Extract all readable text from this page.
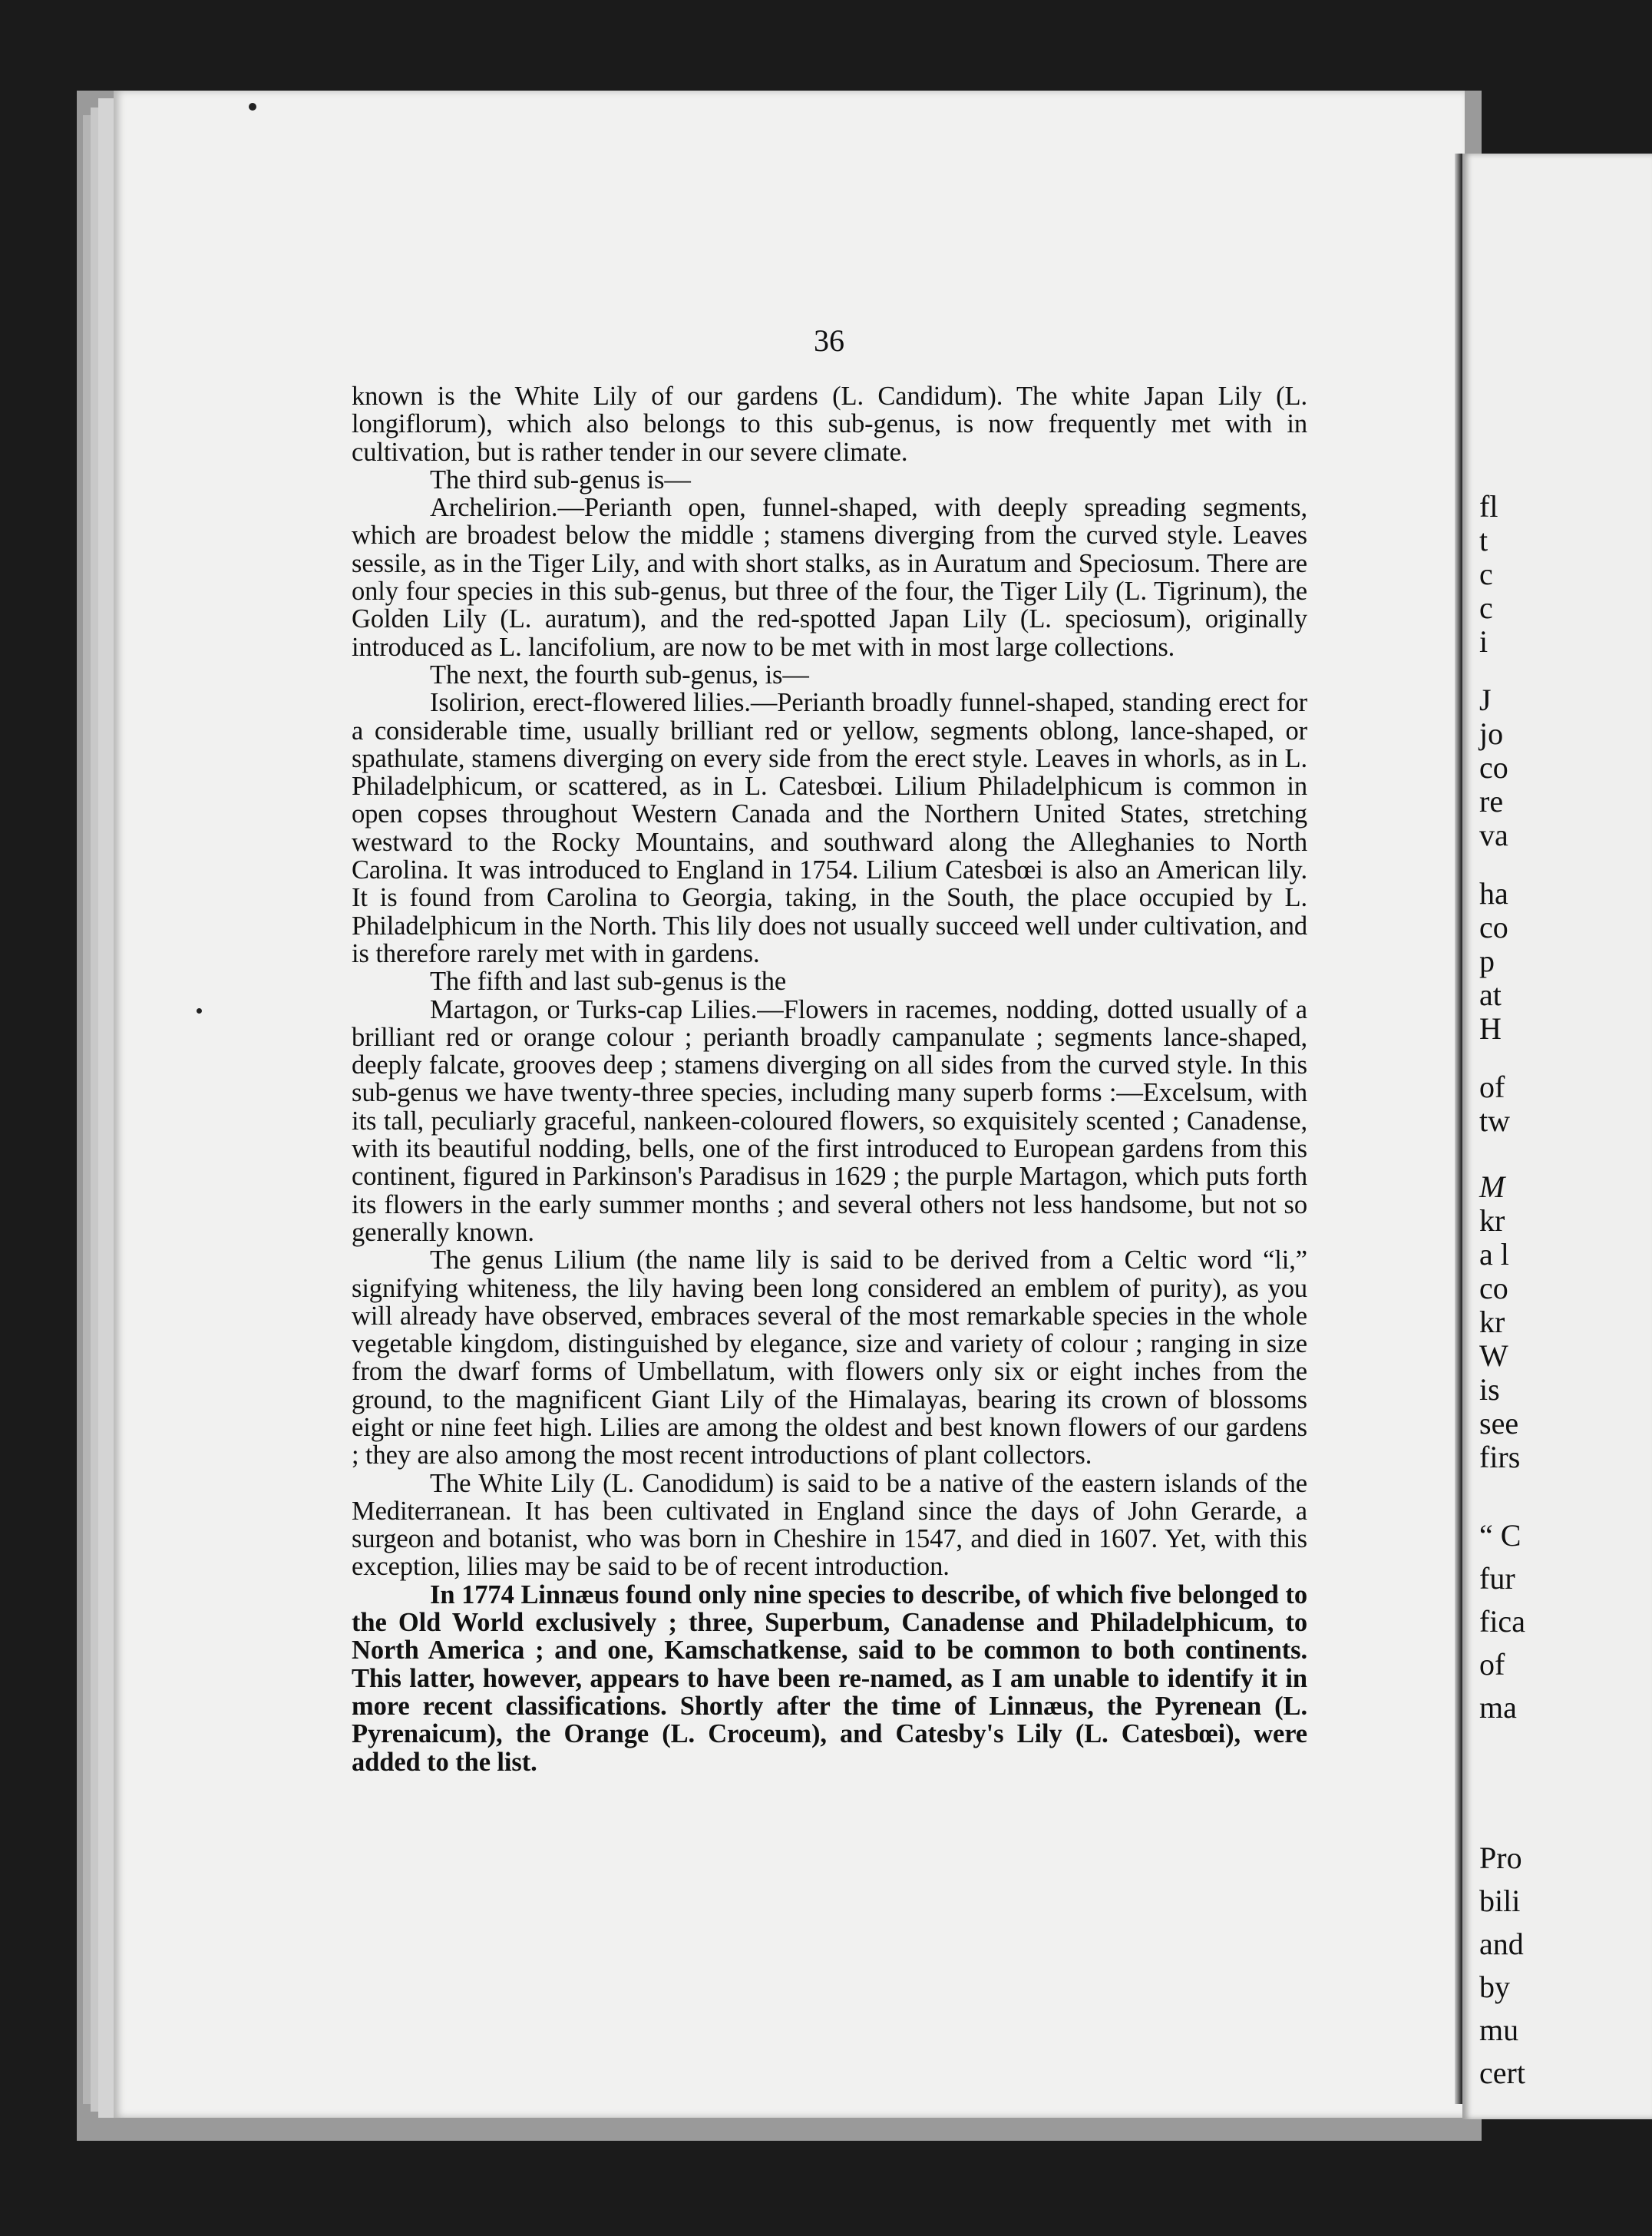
36

known is the White Lily of our gardens (L. Candidum). The white Japan Lily (L. longiflorum), which also belongs to this sub-genus, is now frequently met with in cultivation, but is rather tender in our severe climate.

The third sub-genus is—

Archelirion.—Perianth open, funnel-shaped, with deeply spreading segments, which are broadest below the middle ; stamens diverging from the curved style. Leaves sessile, as in the Tiger Lily, and with short stalks, as in Auratum and Speciosum. There are only four species in this sub-genus, but three of the four, the Tiger Lily (L. Tigrinum), the Golden Lily (L. auratum), and the red-spotted Japan Lily (L. speciosum), originally introduced as L. lancifolium, are now to be met with in most large collections.

The next, the fourth sub-genus, is—

Isolirion, erect-flowered lilies.—Perianth broadly funnel-shaped, standing erect for a considerable time, usually brilliant red or yellow, segments oblong, lance-shaped, or spathulate, stamens diverging on every side from the erect style. Leaves in whorls, as in L. Philadelphicum, or scattered, as in L. Catesbœi. Lilium Philadelphicum is common in open copses throughout Western Canada and the Northern United States, stretching westward to the Rocky Mountains, and southward along the Alleghanies to North Carolina. It was introduced to England in 1754. Lilium Catesbœi is also an American lily. It is found from Carolina to Georgia, taking, in the South, the place occupied by L. Philadelphicum in the North. This lily does not usually succeed well under cultivation, and is therefore rarely met with in gardens.

The fifth and last sub-genus is the

Martagon, or Turks-cap Lilies.—Flowers in racemes, nodding, dotted usually of a brilliant red or orange colour ; perianth broadly campanulate ; segments lance-shaped, deeply falcate, grooves deep ; stamens diverging on all sides from the curved style. In this sub-genus we have twenty-three species, including many superb forms :—Excelsum, with its tall, peculiarly graceful, nankeen-coloured flowers, so exquisitely scented ; Canadense, with its beautiful nodding, bells, one of the first introduced to European gardens from this continent, figured in Parkinson's Paradisus in 1629 ; the purple Martagon, which puts forth its flowers in the early summer months ; and several others not less handsome, but not so generally known.

The genus Lilium (the name lily is said to be derived from a Celtic word “li,” signifying whiteness, the lily having been long considered an emblem of purity), as you will already have observed, embraces several of the most remarkable species in the whole vegetable kingdom, distinguished by elegance, size and variety of colour ; ranging in size from the dwarf forms of Umbellatum, with flowers only six or eight inches from the ground, to the magnificent Giant Lily of the Himalayas, bearing its crown of blossoms eight or nine feet high. Lilies are among the oldest and best known flowers of our gardens ; they are also among the most recent introductions of plant collectors.

The White Lily (L. Canodidum) is said to be a native of the eastern islands of the Mediterranean. It has been cultivated in England since the days of John Gerarde, a surgeon and botanist, who was born in Cheshire in 1547, and died in 1607. Yet, with this exception, lilies may be said to be of recent introduction.

In 1774 Linnæus found only nine species to describe, of which five belonged to the Old World exclusively ; three, Superbum, Canadense and Philadelphicum, to North America ; and one, Kamschatkense, said to be common to both continents. This latter, however, appears to have been re-named, as I am unable to identify it in more recent classifications. Shortly after the time of Linnæus, the Pyrenean (L. Pyrenaicum), the Orange (L. Croceum), and Catesby's Lily (L. Catesbœi), were added to the list.

fl
t
c
c
i
J
jo
co
re
va
ha
co
p
at
H
of
tw
M
kr
a l
co
kr
W
is
see
firs
“ C
fur
fica
of
ma
Pro
bili
and
by
mu
cert
